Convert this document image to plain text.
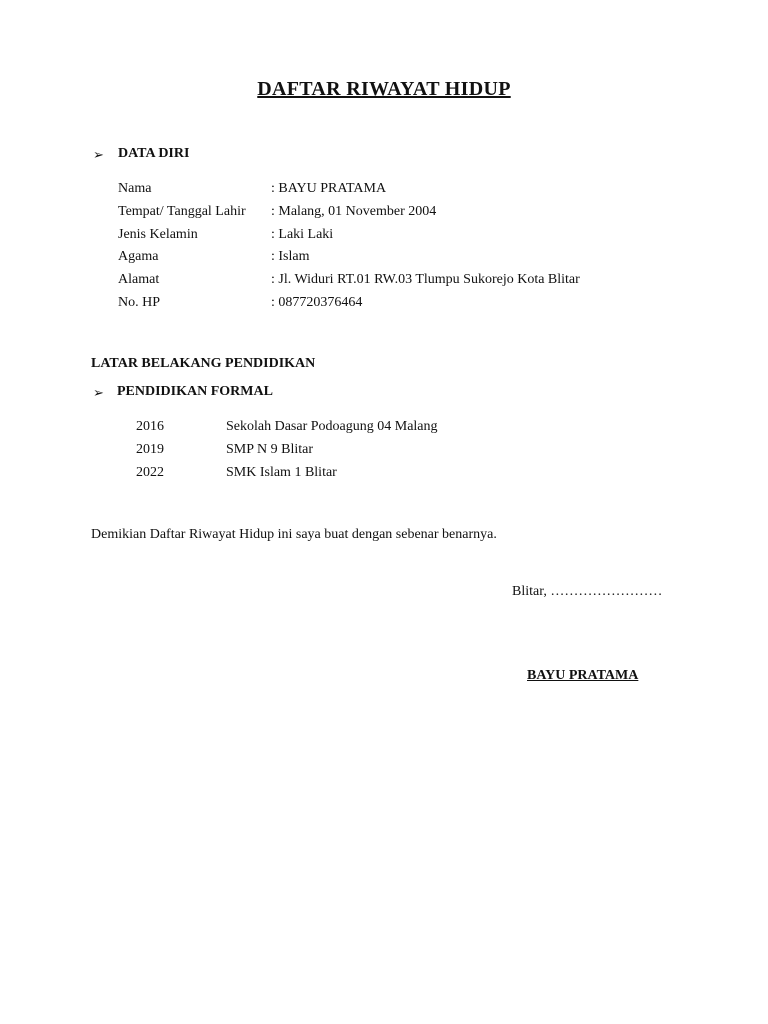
DAFTAR RIWAYAT HIDUP
➢ DATA DIRI
Nama	: BAYU PRATAMA
Tempat/ Tanggal Lahir : Malang, 01 November 2004
Jenis Kelamin	: Laki Laki
Agama	: Islam
Alamat	: Jl. Widuri RT.01 RW.03 Tlumpu Sukorejo Kota Blitar
No. HP	: 087720376464
LATAR BELAKANG PENDIDIKAN
➢ PENDIDIKAN FORMAL
2016	Sekolah Dasar Podoagung 04 Malang
2019	SMP N 9 Blitar
2022	SMK Islam 1 Blitar
Demikian Daftar Riwayat Hidup ini saya buat dengan sebenar benarnya.
Blitar, ……………………
BAYU PRATAMA
